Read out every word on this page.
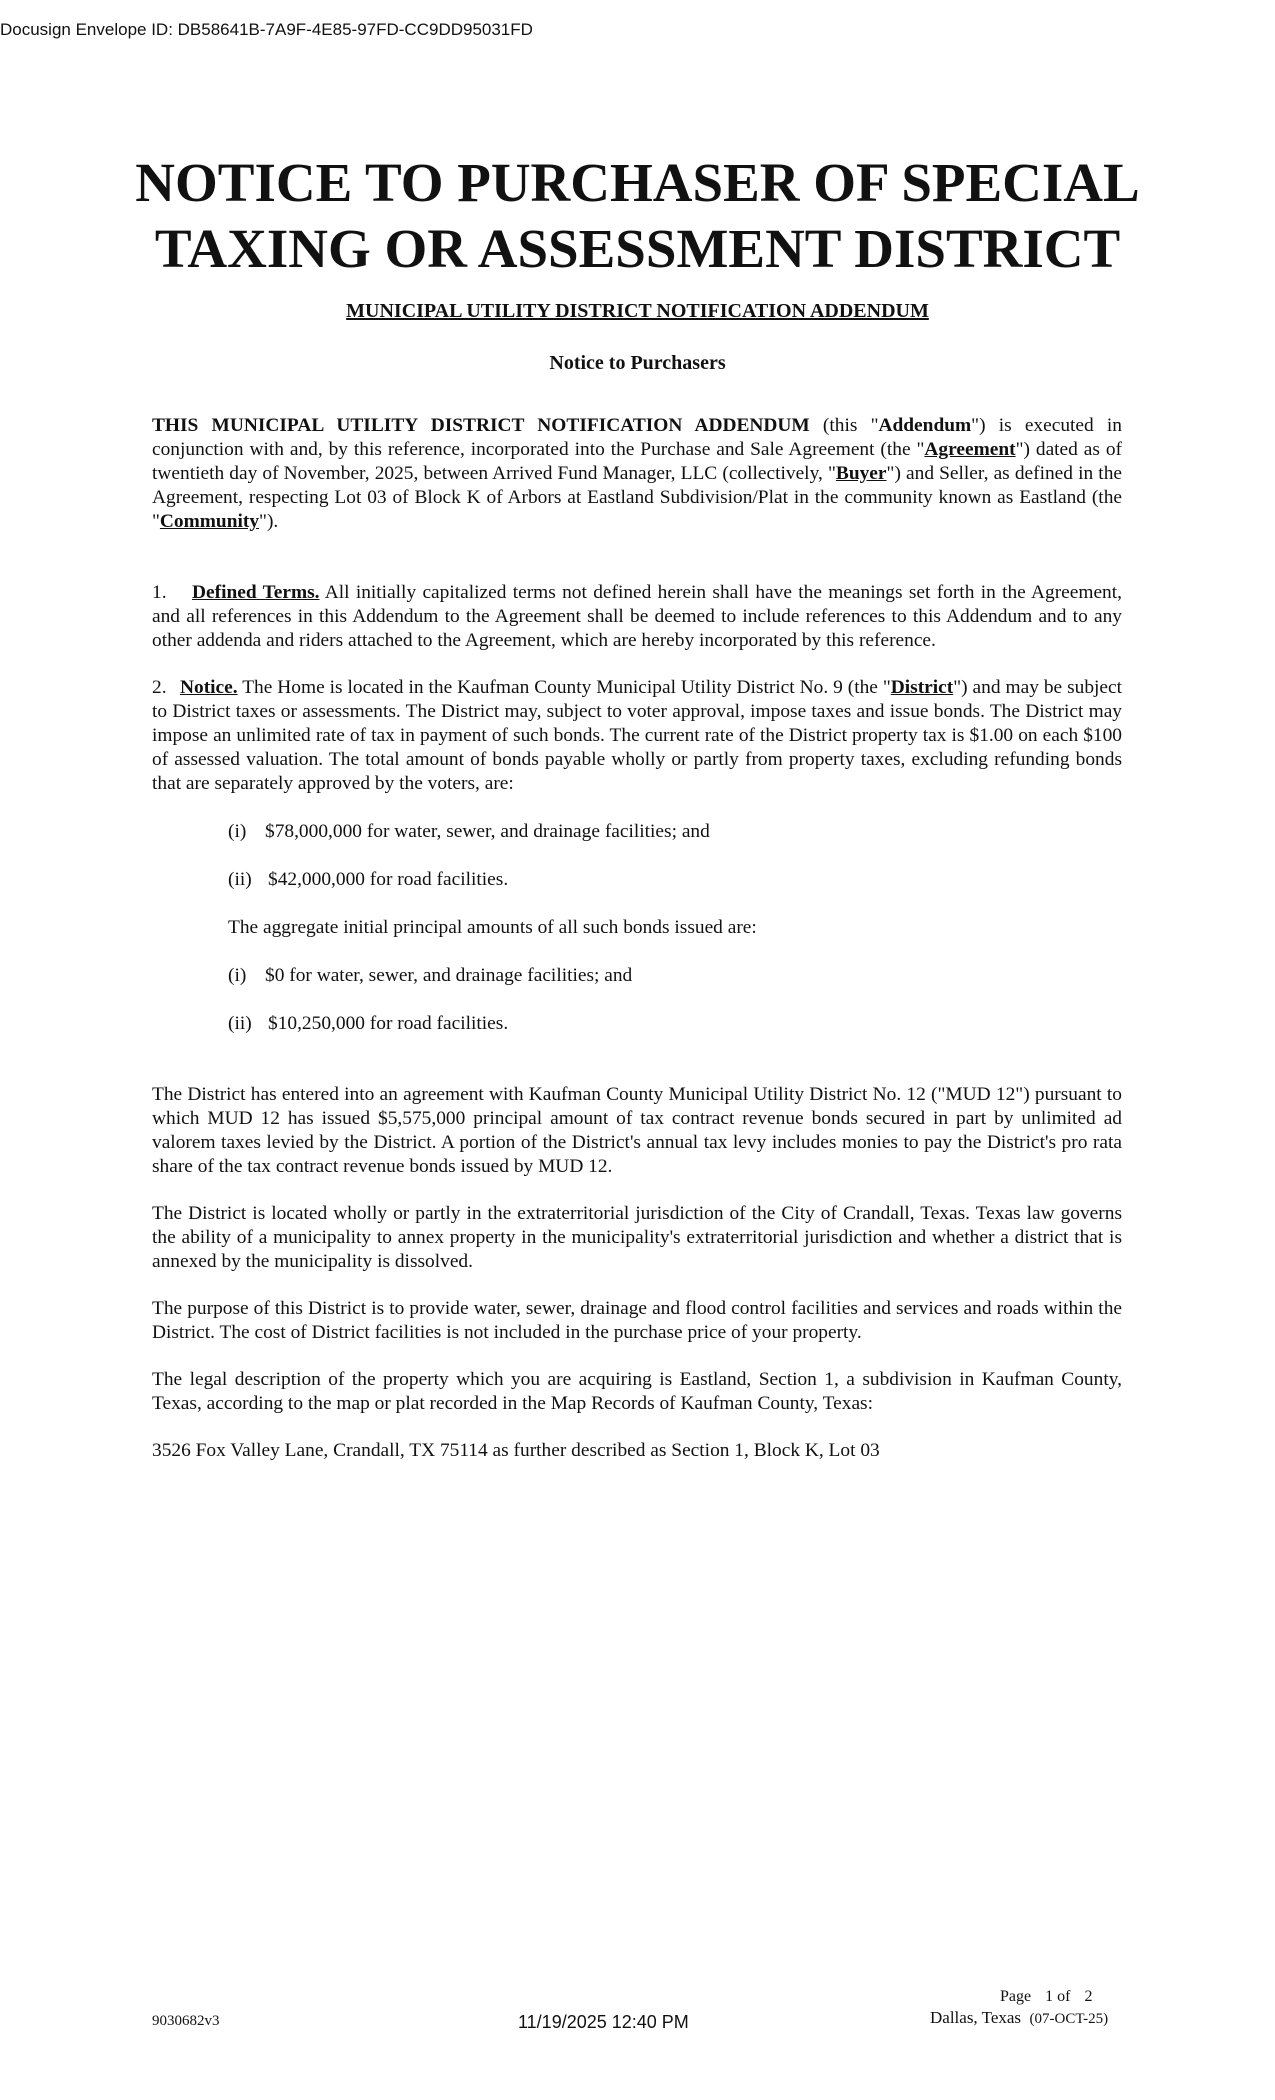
Docusign Envelope ID: DB58641B-7A9F-4E85-97FD-CC9DD95031FD
NOTICE TO PURCHASER OF SPECIAL
TAXING OR ASSESSMENT DISTRICT
MUNICIPAL UTILITY DISTRICT NOTIFICATION ADDENDUM
Notice to Purchasers

THIS MUNICIPAL UTILITY DISTRICT NOTIFICATION ADDENDUM (this "Addendum") is executed in conjunction with and, by this reference, incorporated into the Purchase and Sale Agreement (the "Agreement") dated as of twentieth day of November, 2025, between Arrived Fund Manager, LLC (collectively, "Buyer") and Seller, as defined in the Agreement, respecting Lot 03 of Block K of Arbors at Eastland Subdivision/Plat in the community known as Eastland (the "Community").

1. Defined Terms. All initially capitalized terms not defined herein shall have the meanings set forth in the Agreement, and all references in this Addendum to the Agreement shall be deemed to include references to this Addendum and to any other addenda and riders attached to the Agreement, which are hereby incorporated by this reference.

2. Notice. The Home is located in the Kaufman County Municipal Utility District No. 9 (the "District") and may be subject to District taxes or assessments. The District may, subject to voter approval, impose taxes and issue bonds. The District may impose an unlimited rate of tax in payment of such bonds. The current rate of the District property tax is $1.00 on each $100 of assessed valuation. The total amount of bonds payable wholly or partly from property taxes, excluding refunding bonds that are separately approved by the voters, are:

(i) $78,000,000 for water, sewer, and drainage facilities; and
(ii) $42,000,000 for road facilities.
The aggregate initial principal amounts of all such bonds issued are:
(i) $0 for water, sewer, and drainage facilities; and
(ii) $10,250,000 for road facilities.

The District has entered into an agreement with Kaufman County Municipal Utility District No. 12 ("MUD 12") pursuant to which MUD 12 has issued $5,575,000 principal amount of tax contract revenue bonds secured in part by unlimited ad valorem taxes levied by the District. A portion of the District's annual tax levy includes monies to pay the District's pro rata share of the tax contract revenue bonds issued by MUD 12.

The District is located wholly or partly in the extraterritorial jurisdiction of the City of Crandall, Texas. Texas law governs the ability of a municipality to annex property in the municipality's extraterritorial jurisdiction and whether a district that is annexed by the municipality is dissolved.

The purpose of this District is to provide water, sewer, drainage and flood control facilities and services and roads within the District. The cost of District facilities is not included in the purchase price of your property.

The legal description of the property which you are acquiring is Eastland, Section 1, a subdivision in Kaufman County, Texas, according to the map or plat recorded in the Map Records of Kaufman County, Texas:

3526 Fox Valley Lane, Crandall, TX 75114 as further described as Section 1, Block K, Lot 03

Page 1 of 2
9030682v3	11/19/2025 12:40 PM	Dallas, Texas (07-OCT-25)
